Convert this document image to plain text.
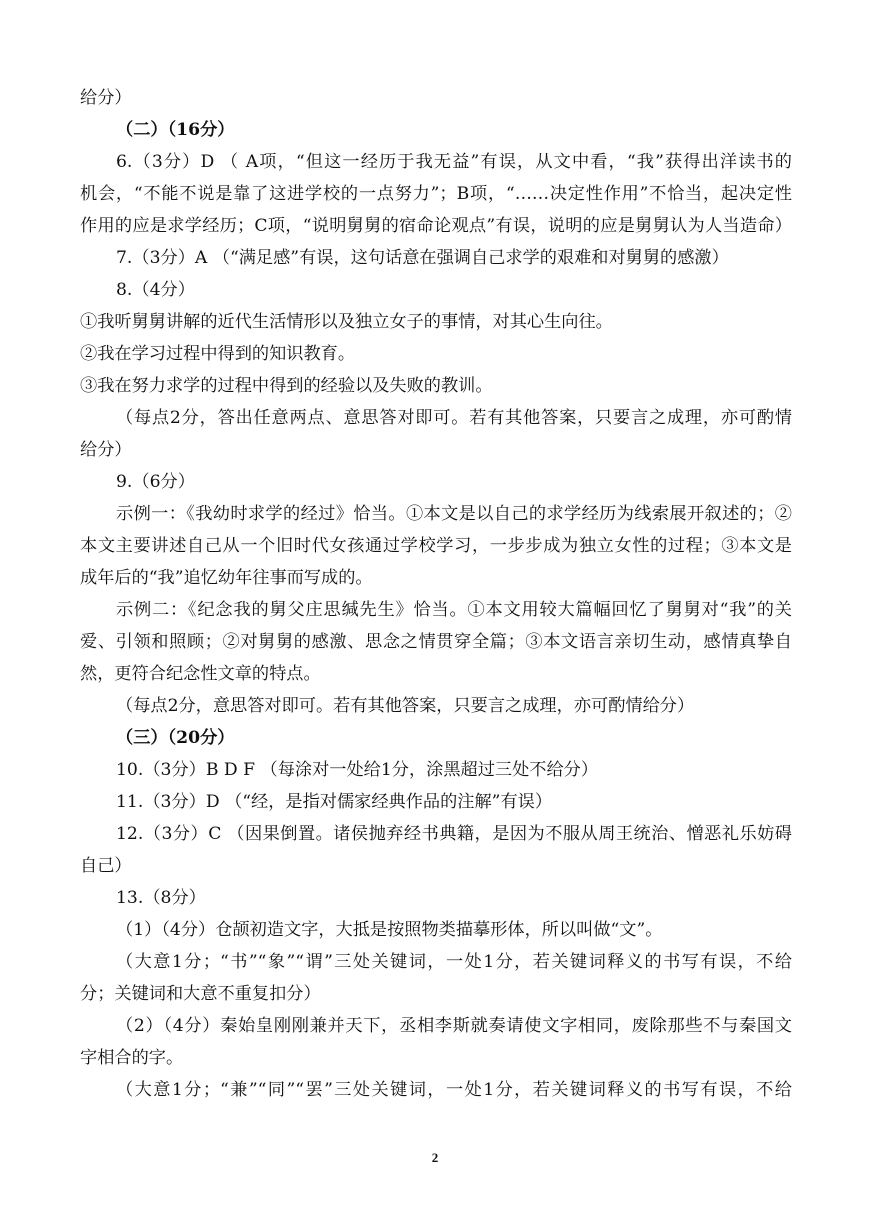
给分）
（二）（16分）
6.（3分）D （ A项，“但这一经历于我无益”有误，从文中看，“我”获得出洋读书的
机会，“不能不说是靠了这进学校的一点努力”；B项，“……决定性作用”不恰当，起决定性
作用的应是求学经历；C项，“说明舅舅的宿命论观点”有误，说明的应是舅舅认为人当造命）
7.（3分）A （“满足感”有误，这句话意在强调自己求学的艰难和对舅舅的感激）
8.（4分）
①我听舅舅讲解的近代生活情形以及独立女子的事情，对其心生向往。
②我在学习过程中得到的知识教育。
③我在努力求学的过程中得到的经验以及失败的教训。
（每点2分，答出任意两点、意思答对即可。若有其他答案，只要言之成理，亦可酌情
给分）
9.（6分）
示例一：《我幼时求学的经过》恰当。①本文是以自己的求学经历为线索展开叙述的；②
本文主要讲述自己从一个旧时代女孩通过学校学习，一步步成为独立女性的过程；③本文是
成年后的“我”追忆幼年往事而写成的。
示例二：《纪念我的舅父庄思缄先生》恰当。①本文用较大篇幅回忆了舅舅对“我”的关
爱、引领和照顾；②对舅舅的感激、思念之情贯穿全篇；③本文语言亲切生动，感情真挚自
然，更符合纪念性文章的特点。
（每点2分，意思答对即可。若有其他答案，只要言之成理，亦可酌情给分）
（三）（20分）
10.（3分）B D F （每涂对一处给1分，涂黑超过三处不给分）
11.（3分）D （“经，是指对儒家经典作品的注解”有误）
12.（3分）C （因果倒置。诸侯抛弃经书典籍，是因为不服从周王统治、憎恶礼乐妨碍
自己）
13.（8分）
（1）（4分）仓颉初造文字，大抵是按照物类描摹形体，所以叫做“文”。
（大意1分；“书”“象”“谓”三处关键词，一处1分，若关键词释义的书写有误，不给
分；关键词和大意不重复扣分）
（2）（4分）秦始皇刚刚兼并天下，丞相李斯就奏请使文字相同，废除那些不与秦国文
字相合的字。
（大意1分；“兼”“同”“罢”三处关键词，一处1分，若关键词释义的书写有误，不给
2
